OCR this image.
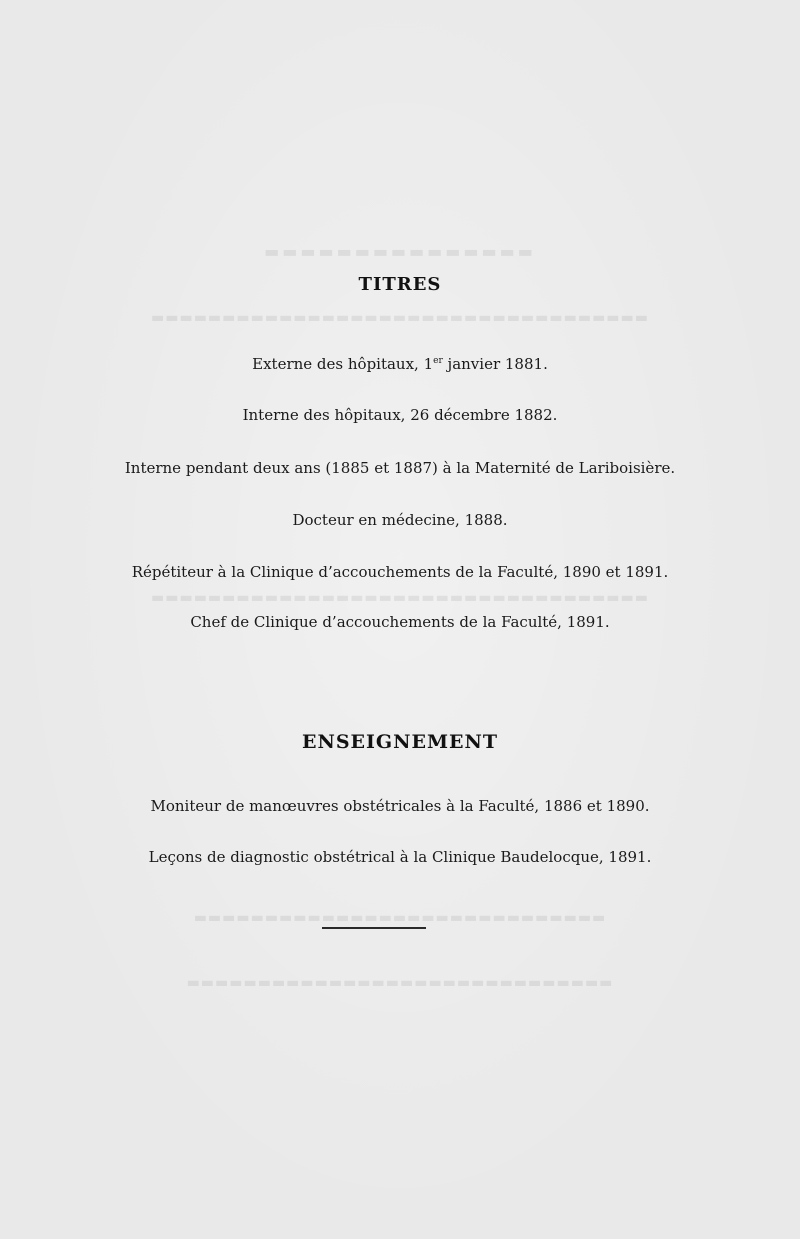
▬▬▬▬▬▬▬▬▬▬▬▬▬▬▬
▬▬▬▬▬▬▬▬▬▬▬▬▬▬▬▬▬▬▬▬▬▬▬▬▬▬▬▬▬▬▬▬▬▬▬
▬▬▬▬▬▬▬▬▬▬▬▬▬▬▬▬▬▬▬▬▬▬▬▬▬▬▬▬▬▬▬▬▬▬▬
▬▬▬▬▬▬▬▬▬▬▬▬▬▬▬▬▬▬▬▬▬▬▬▬▬▬▬▬▬
▬▬▬▬▬▬▬▬▬▬▬▬▬▬▬▬▬▬▬▬▬▬▬▬▬▬▬▬▬▬
TITRES
Externe des hôpitaux, 1er janvier 1881.
Interne des hôpitaux, 26 décembre 1882.
Interne pendant deux ans (1885 et 1887) à la Maternité de Lariboisière.
Docteur en médecine, 1888.
Répétiteur à la Clinique d’accouchements de la Faculté, 1890 et 1891.
Chef de Clinique d’accouchements de la Faculté, 1891.
ENSEIGNEMENT
Moniteur de manœuvres obstétricales à la Faculté, 1886 et 1890.
Leçons de diagnostic obstétrical à la Clinique Baudelocque, 1891.
